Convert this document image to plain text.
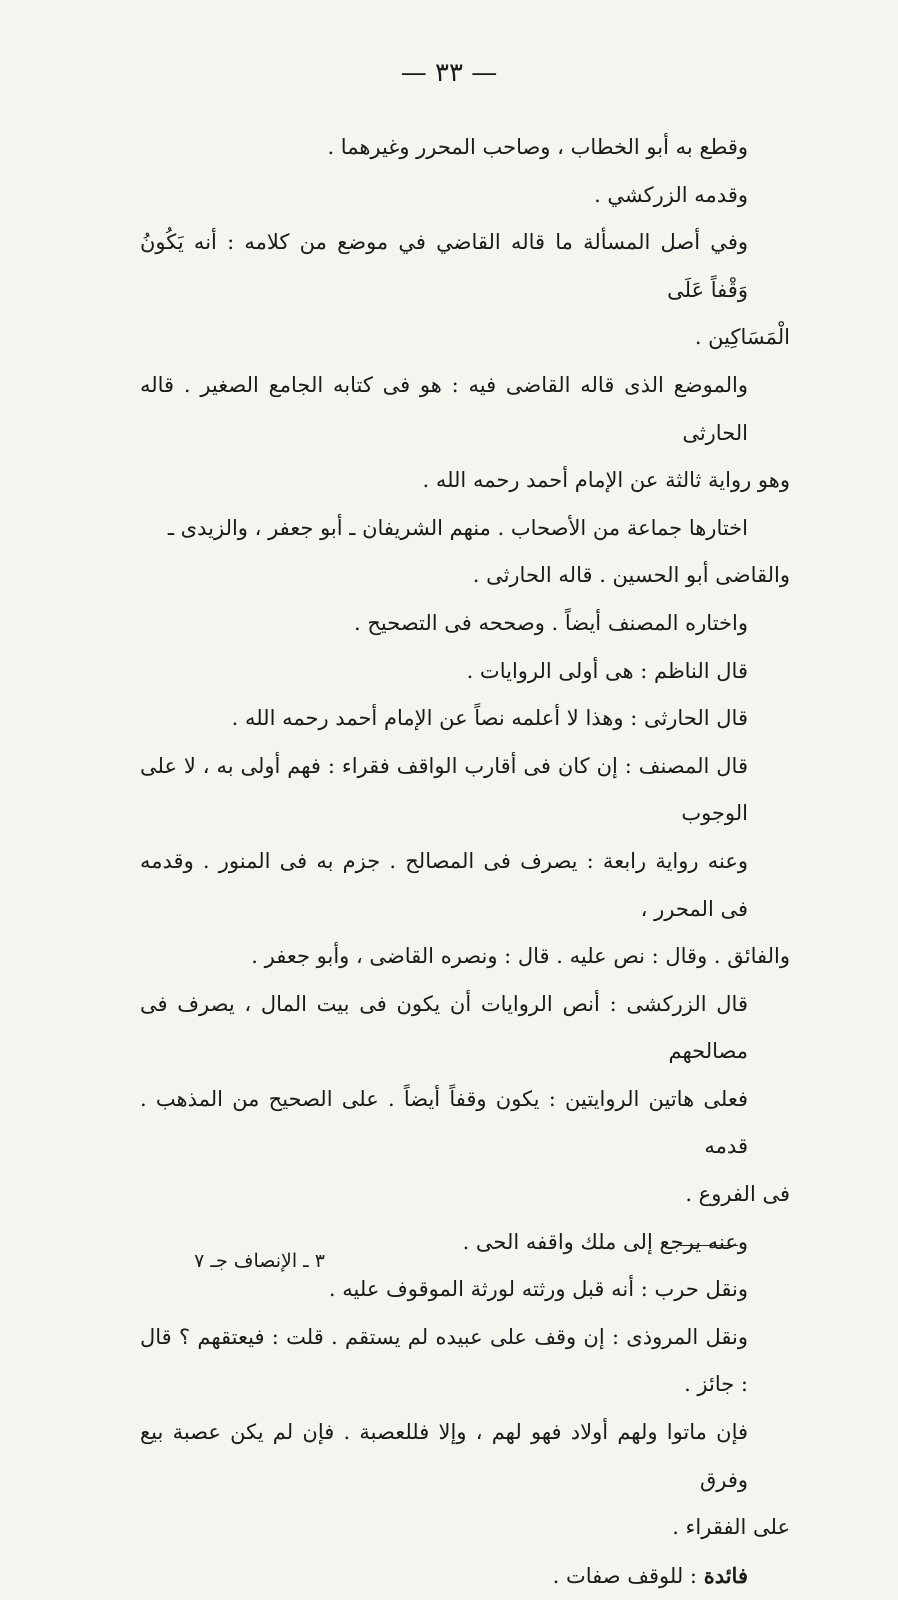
— ٣٣ —

وقطع به أبو الخطاب ، وصاحب المحرر وغيرهما .

وقدمه الزركشي .

وفي أصل المسألة ما قاله القاضي في موضع من كلامه : أنه يَكُونُ وَقْفاً عَلَى

الْمَسَاكِين .

والموضع الذى قاله القاضى فيه : هو فى كتابه الجامع الصغير . قاله الحارثى

وهو رواية ثالثة عن الإمام أحمد رحمه الله .

اختارها جماعة من الأصحاب . منهم الشريفان ـ أبو جعفر ، والزيدى ـ

والقاضى أبو الحسين . قاله الحارثى .

واختاره المصنف أيضاً . وصححه فى التصحيح .

قال الناظم : هى أولى الروايات .

قال الحارثى : وهذا لا أعلمه نصاً عن الإمام أحمد رحمه الله .

قال المصنف : إن كان فى أقارب الواقف فقراء : فهم أولى به ، لا على الوجوب

وعنه رواية رابعة : يصرف فى المصالح . جزم به فى المنور . وقدمه فى المحرر ،

والفائق . وقال : نص عليه . قال : ونصره القاضى ، وأبو جعفر .

قال الزركشى : أنص الروايات أن يكون فى بيت المال ، يصرف فى مصالحهم

فعلى هاتين الروايتين : يكون وقفاً أيضاً . على الصحيح من المذهب . قدمه

فى الفروع .

وعنه يرجع إلى ملك واقفه الحى .

ونقل حرب : أنه قبل ورثته لورثة الموقوف عليه .

ونقل المروذى : إن وقف على عبيده لم يستقم . قلت : فيعتقهم ؟ قال : جائز .

فإن ماتوا ولهم أولاد فهو لهم ، وإلا فللعصبة . فإن لم يكن عصبة بيع وفرق

على الفقراء .

فائدة : للوقف صفات .

٣ ـ الإنصاف جـ ٧
